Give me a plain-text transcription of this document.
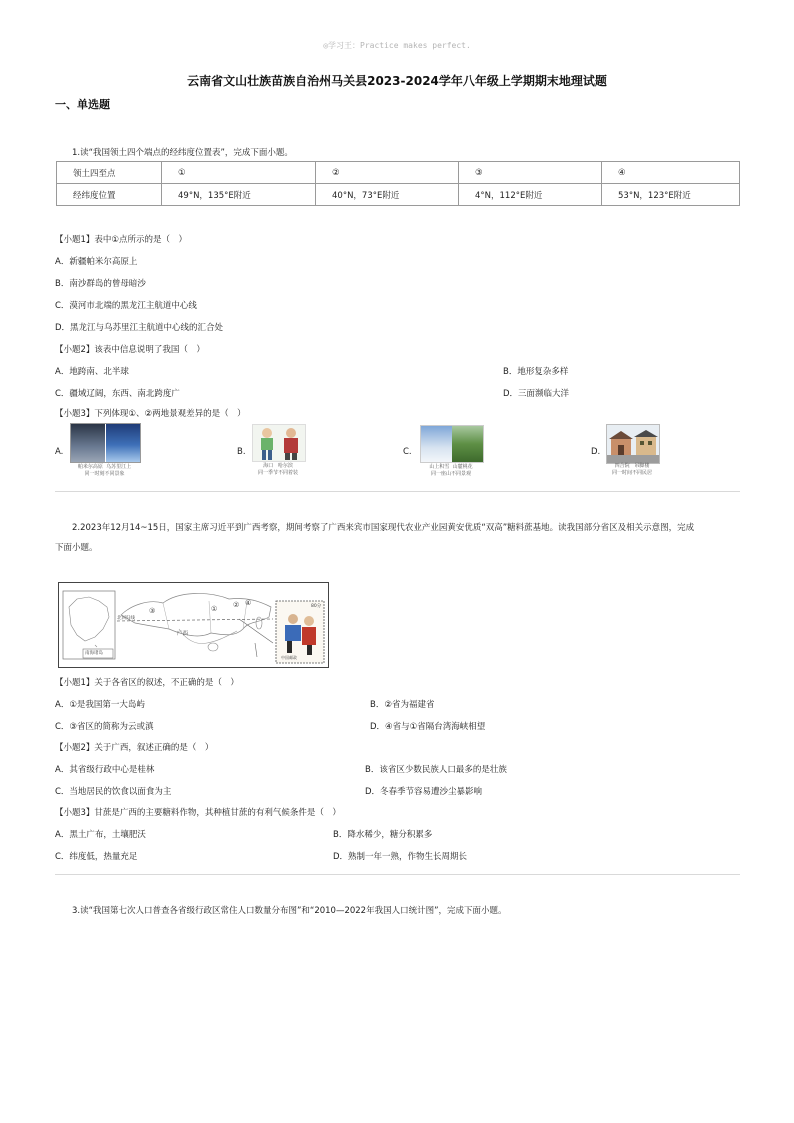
◎学习王：Practice makes perfect.
云南省文山壮族苗族自治州马关县2023-2024学年八年级上学期期末地理试题
一、单选题
1.读“我国领土四个端点的经纬度位置表”，完成下面小题。
领土四至点	①	②	③	④
经纬度位置	49°N，135°E附近	40°N，73°E附近	4°N，112°E附近	53°N，123°E附近
【小题1】表中①点所示的是（　）
A．新疆帕米尔高原上
B．南沙群岛的曾母暗沙
C．漠河市北端的黑龙江主航道中心线
D．黑龙江与乌苏里江主航道中心线的汇合处
【小题2】该表中信息说明了我国（　）
A．地跨南、北半球	B．地形复杂多样
C．疆域辽阔，东西、南北跨度广	D．三面濒临大洋
【小题3】下列体现①、②两地景观差异的是（　）
A.
帕米尔高原 乌苏里江上
同一时刻不同景象
B.
海口 哈尔滨
同一季节不同着装
C.
山上积雪 山麓桃花
同一座山不同景观
D.
四合院 吊脚楼
同一时间不同民居
2.2023年12月14~15日，国家主席习近平到广西考察，期间考察了广西来宾市国家现代农业产业园黄安优质“双高”糖料蔗基地。读我国部分省区及相关示意图，完成
下面小题。
① ②
③
④
广西
北回归线
南海诸岛
80分
中国邮政
【小题1】关于各省区的叙述，不正确的是（　）
A．①是我国第一大岛屿	B．②省为福建省
C．③省区的简称为云或滇	D．④省与①省隔台湾海峡相望
【小题2】关于广西，叙述正确的是（　）
A．其省级行政中心是桂林	B．该省区少数民族人口最多的是壮族
C．当地居民的饮食以面食为主	D．冬春季节容易遭沙尘暴影响
【小题3】甘蔗是广西的主要糖料作物，其种植甘蔗的有利气候条件是（　）
A．黑土广布，土壤肥沃	B．降水稀少，糖分积累多
C．纬度低，热量充足	D．熟制一年一熟，作物生长周期长
3.读“我国第七次人口普查各省级行政区常住人口数量分布图”和“2010—2022年我国人口统计图”，完成下面小题。
